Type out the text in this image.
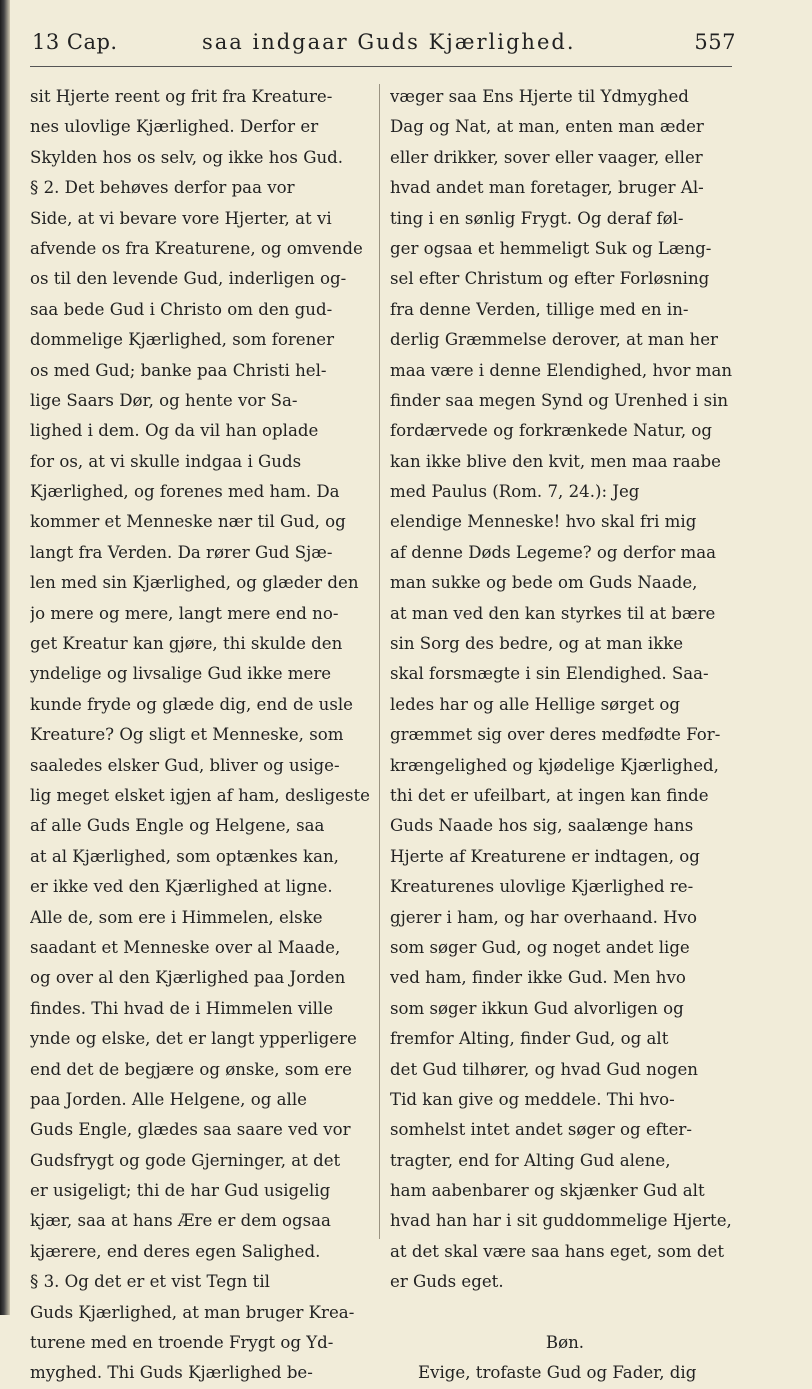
13 Cap.	saa indgaar Guds Kjærlighed.	557
sit Hjerte reent og frit fra Kreature-
nes ulovlige Kjærlighed. Derfor er
Skylden hos os selv, og ikke hos Gud.
§ 2. Det behøves derfor paa vor
Side, at vi bevare vore Hjerter, at vi
afvende os fra Kreaturene, og omvende
os til den levende Gud, inderligen og-
saa bede Gud i Christo om den gud-
dommelige Kjærlighed, som forener
os med Gud; banke paa Christi hel-
lige Saars Dør, og hente vor Sa-
lighed i dem. Og da vil han oplade
for os, at vi skulle indgaa i Guds
Kjærlighed, og forenes med ham. Da
kommer et Menneske nær til Gud, og
langt fra Verden. Da rører Gud Sjæ-
len med sin Kjærlighed, og glæder den
jo mere og mere, langt mere end no-
get Kreatur kan gjøre, thi skulde den
yndelige og livsalige Gud ikke mere
kunde fryde og glæde dig, end de usle
Kreature? Og sligt et Menneske, som
saaledes elsker Gud, bliver og usige-
lig meget elsket igjen af ham, desligeste
af alle Guds Engle og Helgene, saa
at al Kjærlighed, som optænkes kan,
er ikke ved den Kjærlighed at ligne.
Alle de, som ere i Himmelen, elske
saadant et Menneske over al Maade,
og over al den Kjærlighed paa Jorden
findes. Thi hvad de i Himmelen ville
ynde og elske, det er langt ypperligere
end det de begjære og ønske, som ere
paa Jorden. Alle Helgene, og alle
Guds Engle, glædes saa saare ved vor
Gudsfrygt og gode Gjerninger, at det
er usigeligt; thi de har Gud usigelig
kjær, saa at hans Ære er dem ogsaa
kjærere, end deres egen Salighed.
§ 3. Og det er et vist Tegn til
Guds Kjærlighed, at man bruger Krea-
turene med en troende Frygt og Yd-
myghed. Thi Guds Kjærlighed be-
væger saa Ens Hjerte til Ydmyghed
Dag og Nat, at man, enten man æder
eller drikker, sover eller vaager, eller
hvad andet man foretager, bruger Al-
ting i en sønlig Frygt. Og deraf føl-
ger ogsaa et hemmeligt Suk og Læng-
sel efter Christum og efter Forløsning
fra denne Verden, tillige med en in-
derlig Græmmelse derover, at man her
maa være i denne Elendighed, hvor man
finder saa megen Synd og Urenhed i sin
fordærvede og forkrænkede Natur, og
kan ikke blive den kvit, men maa raabe
med Paulus (Rom. 7, 24.): Jeg
elendige Menneske! hvo skal fri mig
af denne Døds Legeme? og derfor maa
man sukke og bede om Guds Naade,
at man ved den kan styrkes til at bære
sin Sorg des bedre, og at man ikke
skal forsmægte i sin Elendighed. Saa-
ledes har og alle Hellige sørget og
græmmet sig over deres medfødte For-
krængelighed og kjødelige Kjærlighed,
thi det er ufeilbart, at ingen kan finde
Guds Naade hos sig, saalænge hans
Hjerte af Kreaturene er indtagen, og
Kreaturenes ulovlige Kjærlighed re-
gjerer i ham, og har overhaand. Hvo
som søger Gud, og noget andet lige
ved ham, finder ikke Gud. Men hvo
som søger ikkun Gud alvorligen og
fremfor Alting, finder Gud, og alt
det Gud tilhører, og hvad Gud nogen
Tid kan give og meddele. Thi hvo-
somhelst intet andet søger og efter-
tragter, end for Alting Gud alene,
ham aabenbarer og skjænker Gud alt
hvad han har i sit guddommelige Hjerte,
at det skal være saa hans eget, som det
er Guds eget.
Bøn.
Evige, trofaste Gud og Fader, dig
